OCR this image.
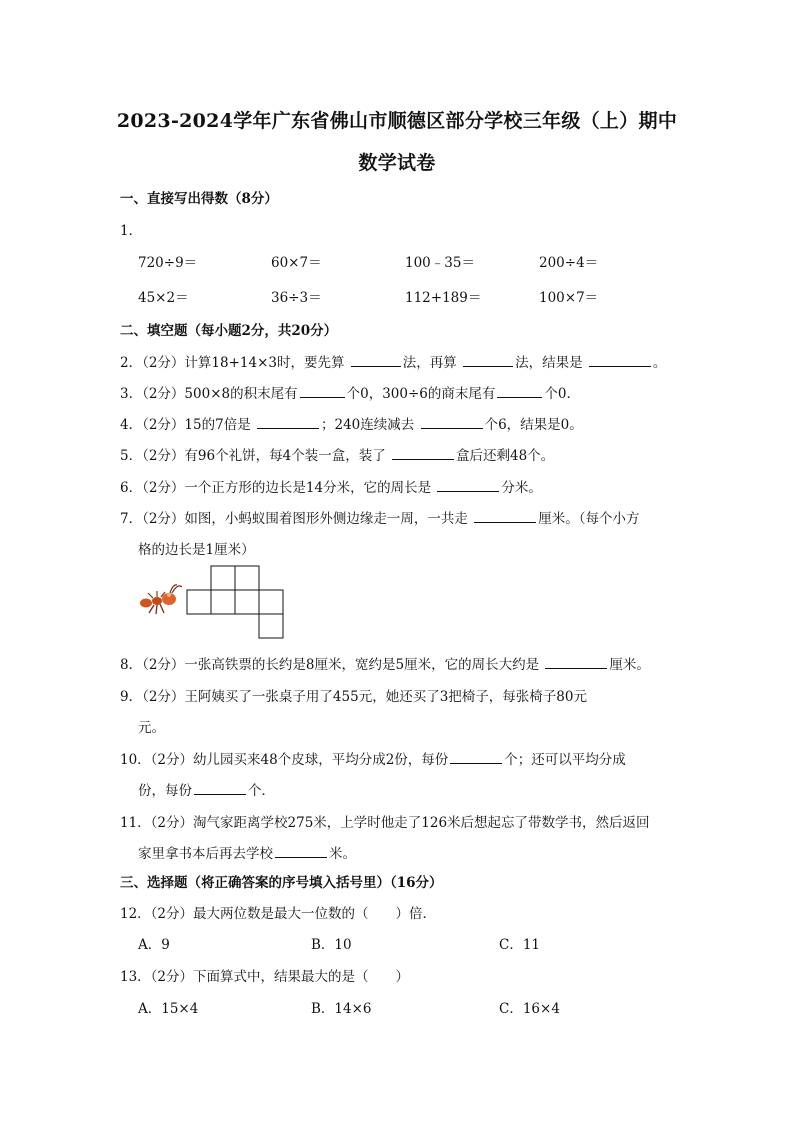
2023-2024学年广东省佛山市顺德区部分学校三年级（上）期中
数学试卷
一、直接写出得数（8分）
1．
720÷9＝	60×7＝	100﹣35＝	200÷4＝
45×2＝	36÷3＝	112+189＝	100×7＝
二、填空题（每小题2分，共20分）
2．（2分）计算18+14×3时，要先算	法，再算	法，结果是	。
3．（2分）500×8的积末尾有	个0，300÷6的商末尾有	个0．
4．（2分）15的7倍是	；240连续减去	个6，结果是0。
5．（2分）有96个礼饼，每4个装一盒，装了	盒后还剩48个。
6．（2分）一个正方形的边长是14分米，它的周长是	分米。
7．（2分）如图，小蚂蚁围着图形外侧边缘走一周，一共走	厘米。（每个小方
格的边长是1厘米）
8．（2分）一张高铁票的长约是8厘米，宽约是5厘米，它的周长大约是	厘米。
9．（2分）王阿姨买了一张桌子用了455元，她还买了3把椅子，每张椅子80元
元。
10．（2分）幼儿园买来48个皮球，平均分成2份，每份	个；还可以平均分成
份，每份	个．
11．（2分）淘气家距离学校275米，上学时他走了126米后想起忘了带数学书，然后返回
家里拿书本后再去学校	米。
三、选择题（将正确答案的序号填入括号里）（16分）
12．（2分）最大两位数是最大一位数的（　　）倍．
A．9	B．10	C．11
13．（2分）下面算式中，结果最大的是（　　）
A．15×4	B．14×6	C．16×4
